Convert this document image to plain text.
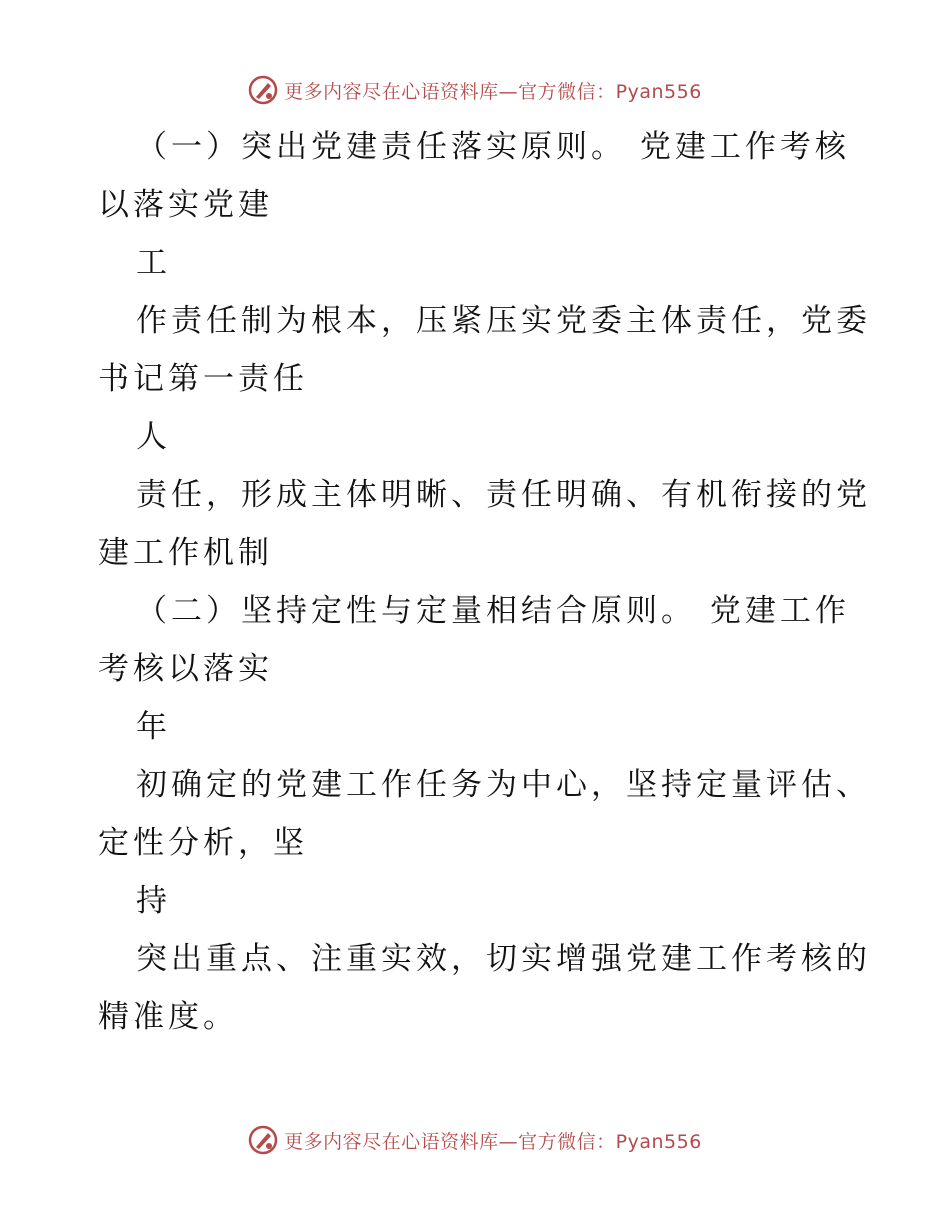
更多内容尽在心语资料库—官方微信：Pyan556
（一）突出党建责任落实原则。 党建工作考核
以落实党建
工
作责任制为根本，压紧压实党委主体责任，党委
书记第一责任
人
责任，形成主体明晰、责任明确、有机衔接的党
建工作机制
（二）坚持定性与定量相结合原则。 党建工作
考核以落实
年
初确定的党建工作任务为中心，坚持定量评估、
定性分析，坚
持
突出重点、注重实效，切实增强党建工作考核的
精准度。
更多内容尽在心语资料库—官方微信：Pyan556
